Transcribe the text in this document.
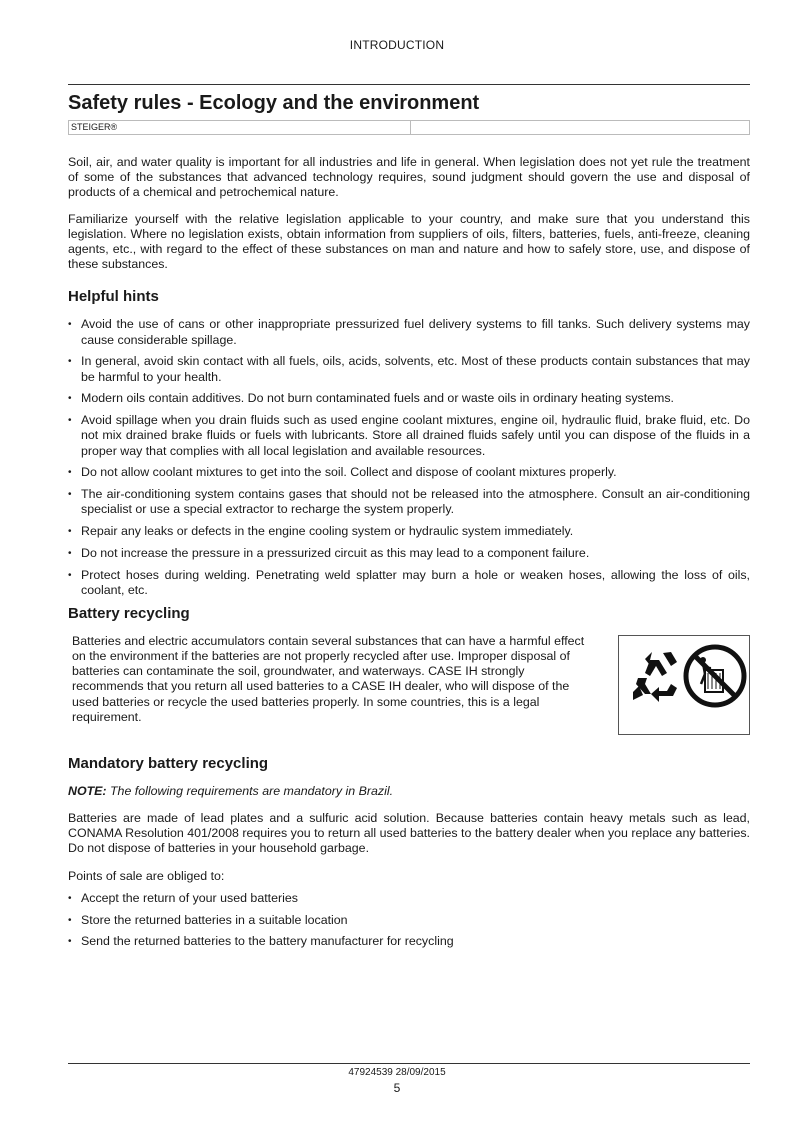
INTRODUCTION
Safety rules - Ecology and the environment
STEIGER®

Soil, air, and water quality is important for all industries and life in general. When legislation does not yet rule the treatment of some of the substances that advanced technology requires, sound judgment should govern the use and disposal of products of a chemical and petrochemical nature.

Familiarize yourself with the relative legislation applicable to your country, and make sure that you understand this legislation. Where no legislation exists, obtain information from suppliers of oils, filters, batteries, fuels, anti-freeze, cleaning agents, etc., with regard to the effect of these substances on man and nature and how to safely store, use, and dispose of these substances.

Helpful hints
• Avoid the use of cans or other inappropriate pressurized fuel delivery systems to fill tanks. Such delivery systems may cause considerable spillage.
• In general, avoid skin contact with all fuels, oils, acids, solvents, etc. Most of these products contain substances that may be harmful to your health.
• Modern oils contain additives. Do not burn contaminated fuels and or waste oils in ordinary heating systems.
• Avoid spillage when you drain fluids such as used engine coolant mixtures, engine oil, hydraulic fluid, brake fluid, etc. Do not mix drained brake fluids or fuels with lubricants. Store all drained fluids safely until you can dispose of the fluids in a proper way that complies with all local legislation and available resources.
• Do not allow coolant mixtures to get into the soil. Collect and dispose of coolant mixtures properly.
• The air-conditioning system contains gases that should not be released into the atmosphere. Consult an air-conditioning specialist or use a special extractor to recharge the system properly.
• Repair any leaks or defects in the engine cooling system or hydraulic system immediately.
• Do not increase the pressure in a pressurized circuit as this may lead to a component failure.
• Protect hoses during welding. Penetrating weld splatter may burn a hole or weaken hoses, allowing the loss of oils, coolant, etc.
Battery recycling

Batteries and electric accumulators contain several substances that can have a harmful effect on the environment if the batteries are not properly recycled after use. Improper disposal of batteries can contaminate the soil, groundwater, and waterways. CASE IH strongly recommends that you return all used batteries to a CASE IH dealer, who will dispose of the used batteries or recycle the used batteries properly. In some countries, this is a legal requirement.

Mandatory battery recycling

NOTE: The following requirements are mandatory in Brazil.

Batteries are made of lead plates and a sulfuric acid solution. Because batteries contain heavy metals such as lead, CONAMA Resolution 401/2008 requires you to return all used batteries to the battery dealer when you replace any batteries. Do not dispose of batteries in your household garbage.

Points of sale are obliged to:

• Accept the return of your used batteries
• Store the returned batteries in a suitable location
• Send the returned batteries to the battery manufacturer for recycling
47924539 28/09/2015
5
